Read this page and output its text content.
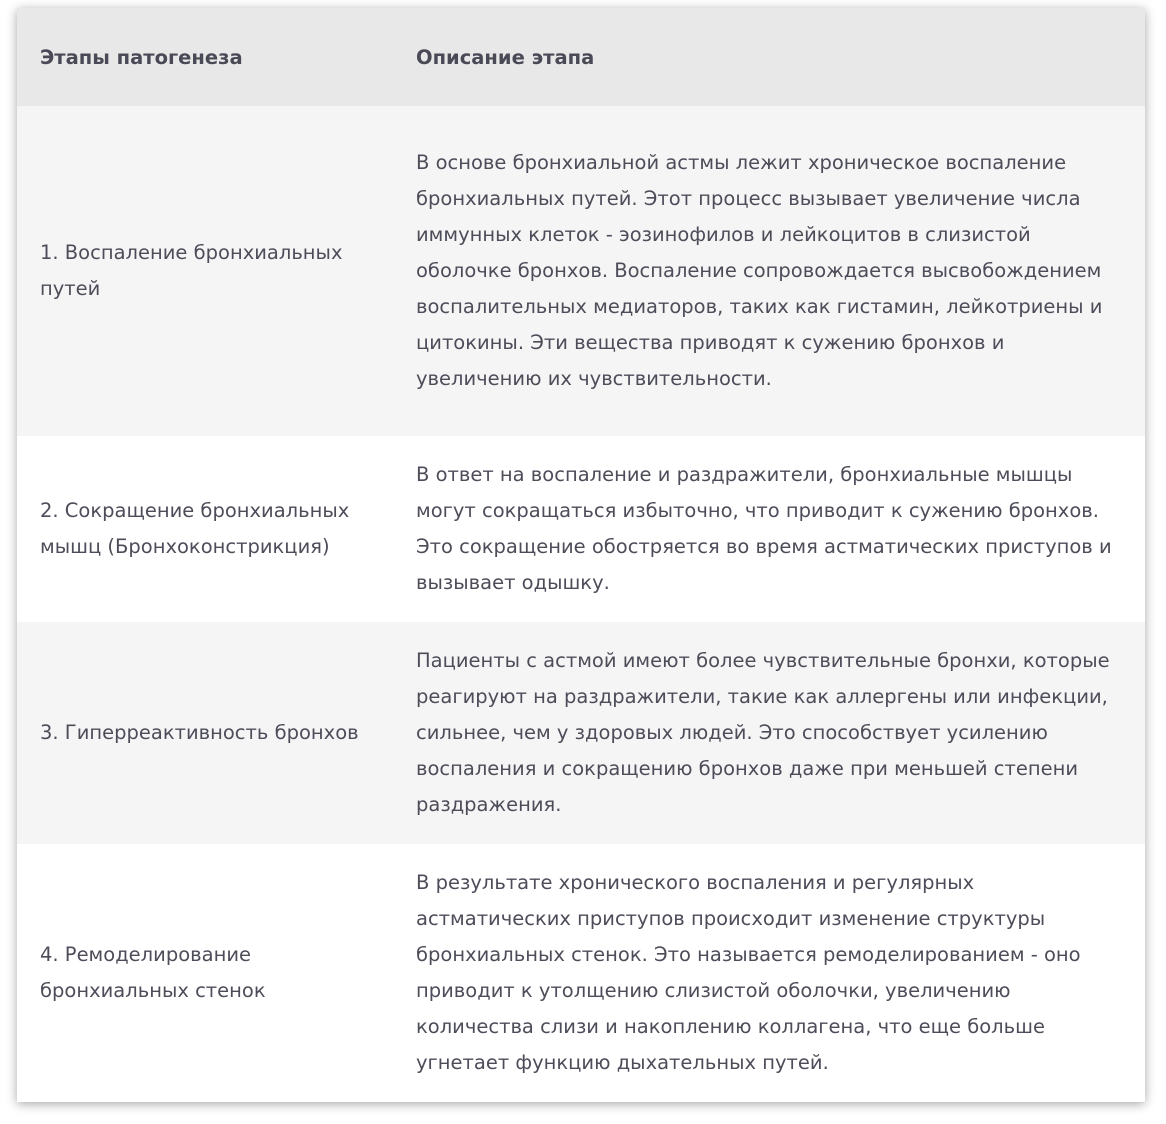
Этапы патогенеза	Описание этапа
1. Воспаление бронхиальных путей	В основе бронхиальной астмы лежит хроническое воспаление бронхиальных путей. Этот процесс вызывает увеличение числа иммунных клеток - эозинофилов и лейкоцитов в слизистой оболочке бронхов. Воспаление сопровождается высвобождением воспалительных медиаторов, таких как гистамин, лейкотриены и цитокины. Эти вещества приводят к сужению бронхов и увеличению их чувствительности.
2. Сокращение бронхиальных мышц (Бронхоконстрикция)	В ответ на воспаление и раздражители, бронхиальные мышцы могут сокращаться избыточно, что приводит к сужению бронхов. Это сокращение обостряется во время астматических приступов и вызывает одышку.
3. Гиперреактивность бронхов	Пациенты с астмой имеют более чувствительные бронхи, которые реагируют на раздражители, такие как аллергены или инфекции, сильнее, чем у здоровых людей. Это способствует усилению воспаления и сокращению бронхов даже при меньшей степени раздражения.
4. Ремоделирование бронхиальных стенок	В результате хронического воспаления и регулярных астматических приступов происходит изменение структуры бронхиальных стенок. Это называется ремоделированием - оно приводит к утолщению слизистой оболочки, увеличению количества слизи и накоплению коллагена, что еще больше угнетает функцию дыхательных путей.
